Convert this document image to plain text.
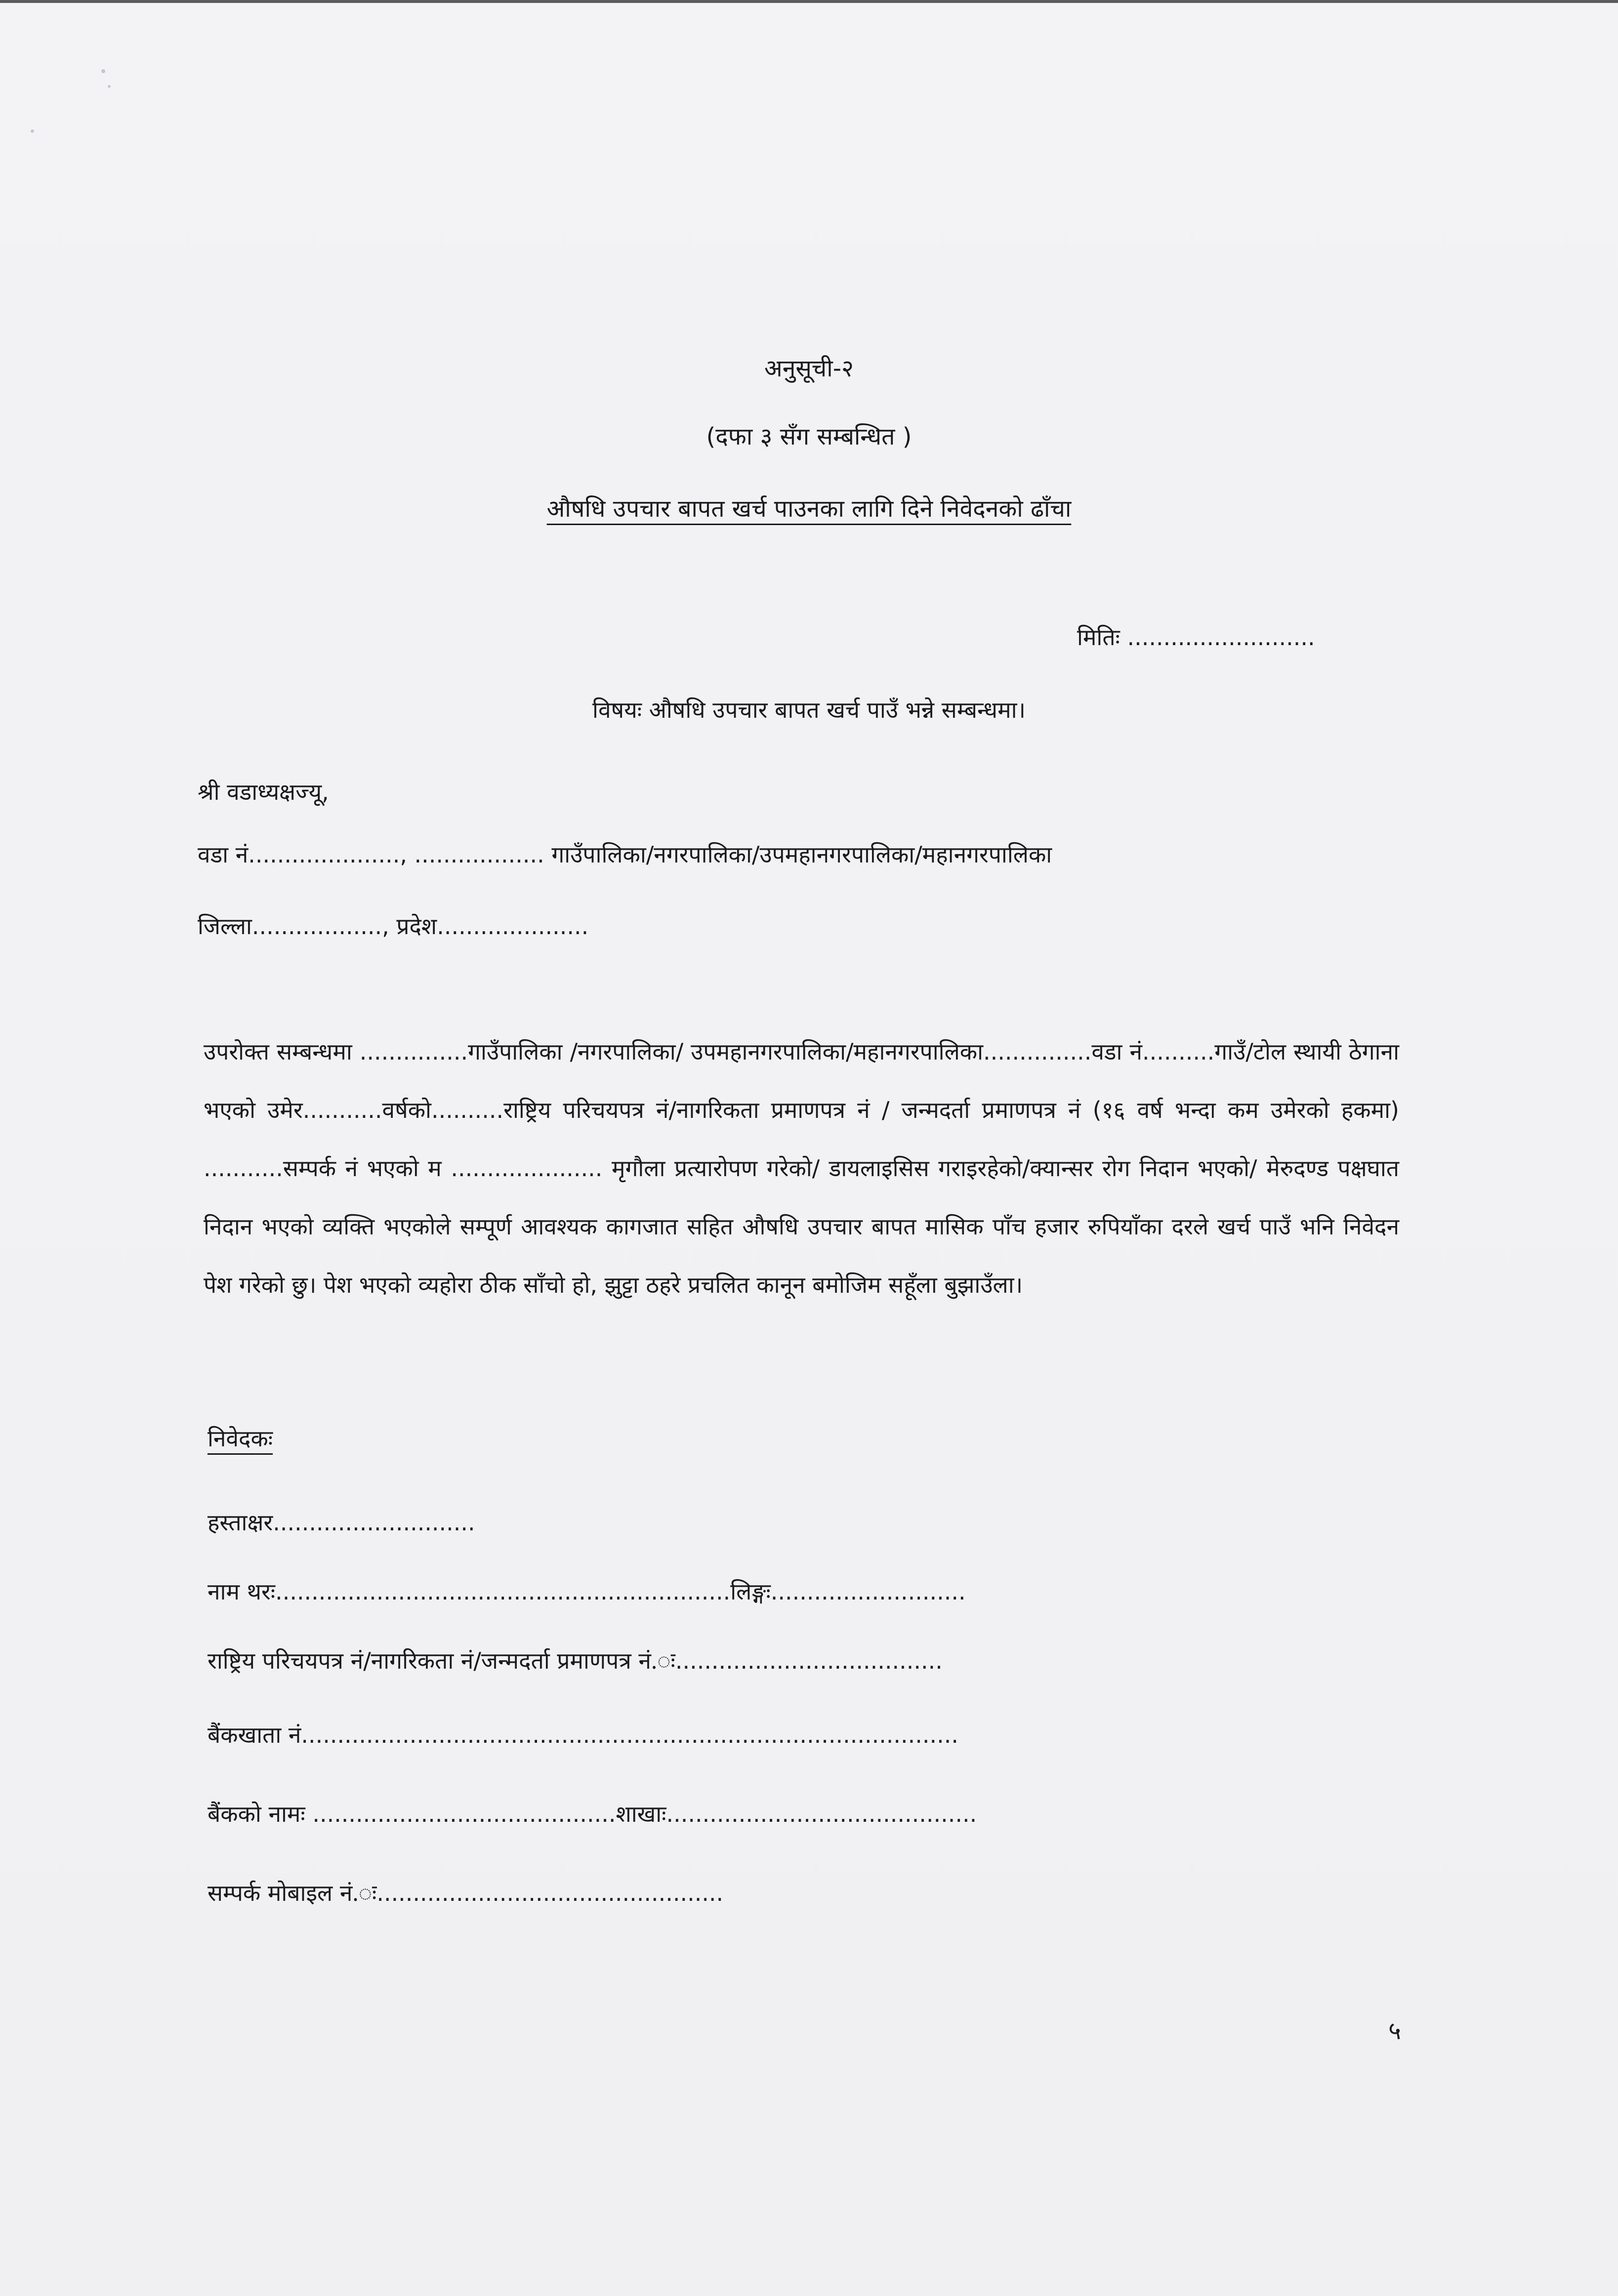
अनुसूची-२
(दफा ३ सँग सम्बन्धित )
औषधि उपचार बापत खर्च पाउनका लागि दिने निवेदनको ढाँचा
मितिः ..........................
विषयः औषधि उपचार बापत खर्च पाउँ भन्ने सम्बन्धमा।
श्री वडाध्यक्षज्यू,
वडा नं....................., .................. गाउँपालिका/नगरपालिका/उपमहानगरपालिका/महानगरपालिका
जिल्ला.................., प्रदेश.....................
उपरोक्त सम्बन्धमा ...............गाउँपालिका /नगरपालिका/ उपमहानगरपालिका/महानगरपालिका...............वडा नं..........गाउँ/टोल स्थायी ठेगाना भएको उमेर...........वर्षको..........राष्ट्रिय परिचयपत्र नं/नागरिकता प्रमाणपत्र नं / जन्मदर्ता प्रमाणपत्र नं (१६ वर्ष भन्दा कम उमेरको हकमा) ...........सम्पर्क नं भएको म ..................... मृगौला प्रत्यारोपण गरेको/ डायलाइसिस गराइरहेको/क्यान्सर रोग निदान भएको/ मेरुदण्ड पक्षघात निदान भएको व्यक्ति भएकोले सम्पूर्ण आवश्यक कागजात सहित औषधि उपचार बापत मासिक पाँच हजार रुपियाँका दरले खर्च पाउँ भनि निवेदन पेश गरेको छु। पेश भएको व्यहोरा ठीक साँचो हो, झुट्टा ठहरे प्रचलित कानून बमोजिम सहूँला बुझाउँला।
निवेदकः
हस्ताक्षर............................
नाम थरः...............................................................लिङ्गः...........................
राष्ट्रिय परिचयपत्र नं/नागरिकता नं/जन्मदर्ता प्रमाणपत्र नं.ः.....................................
बैंकखाता नं...........................................................................................
बैंकको नामः ..........................................शाखाः...........................................
सम्पर्क मोबाइल नं.ः................................................
५
